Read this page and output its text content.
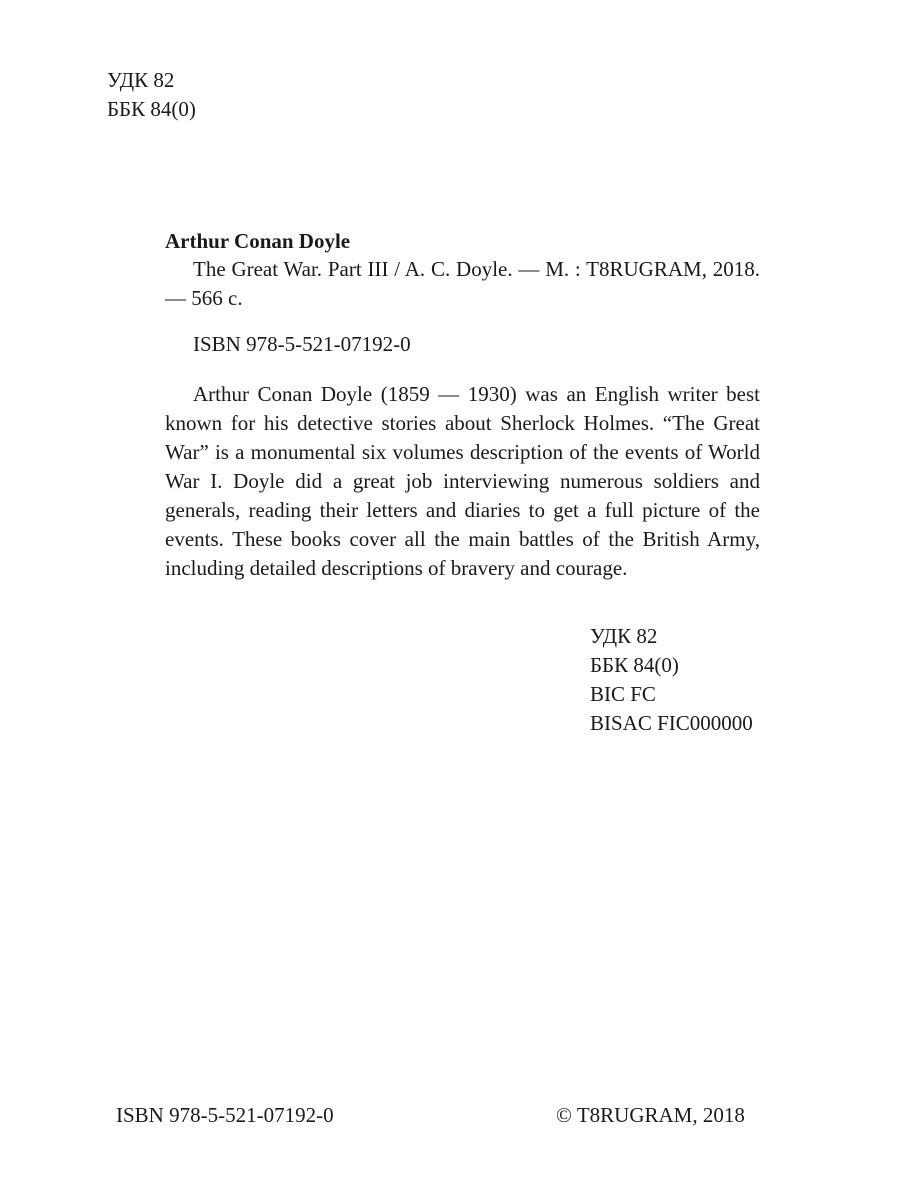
УДК 82
ББК 84(0)
Arthur Conan Doyle
The Great War. Part III / A. C. Doyle. — M. : T8RUGRAM, 2018. — 566 с.
ISBN 978-5-521-07192-0
Arthur Conan Doyle (1859 — 1930) was an English writer best known for his detective stories about Sherlock Holmes. “The Great War” is a monumental six volumes description of the events of World War I. Doyle did a great job interviewing numerous soldiers and generals, reading their letters and diaries to get a full picture of the events. These books cover all the main battles of the British Army, including detailed descriptions of bravery and courage.
УДК 82
ББК 84(0)
BIC FC
BISAC FIC000000
ISBN 978-5-521-07192-0	© T8RUGRAM, 2018
